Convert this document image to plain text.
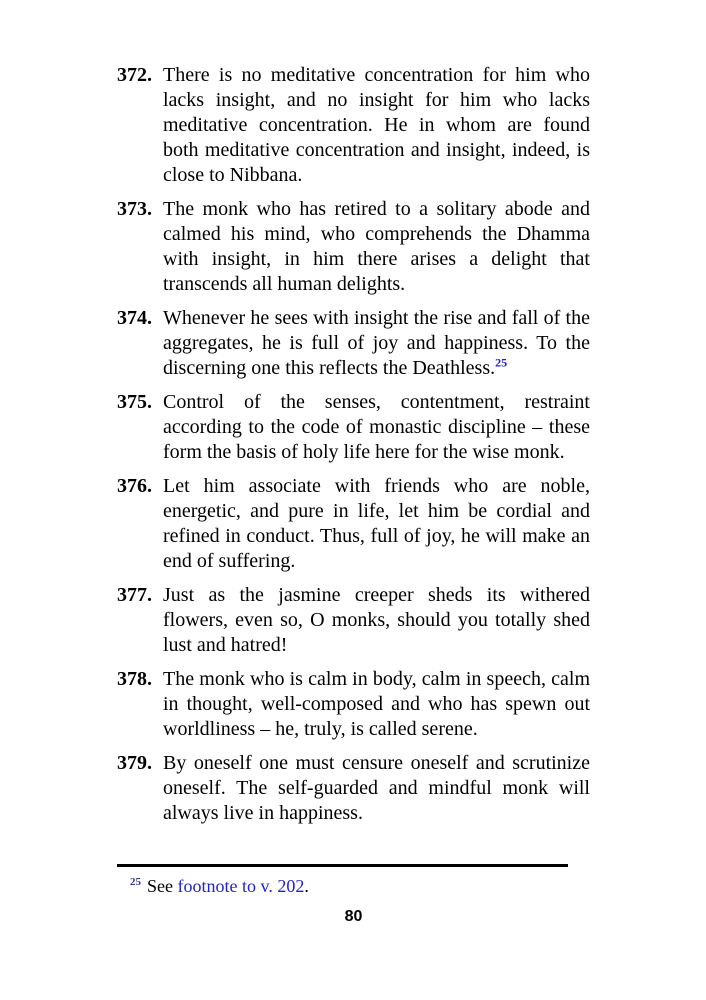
372. There is no meditative concentration for him who lacks insight, and no insight for him who lacks meditative concentration. He in whom are found both meditative concentration and insight, indeed, is close to Nibbana.

373. The monk who has retired to a solitary abode and calmed his mind, who comprehends the Dhamma with insight, in him there arises a delight that transcends all human delights.

374. Whenever he sees with insight the rise and fall of the aggregates, he is full of joy and happiness. To the discerning one this reflects the Deathless.$^{25}$

375. Control of the senses, contentment, restraint according to the code of monastic discipline – these form the basis of holy life here for the wise monk.

376. Let him associate with friends who are noble, energetic, and pure in life, let him be cordial and refined in conduct. Thus, full of joy, he will make an end of suffering.

377. Just as the jasmine creeper sheds its withered flowers, even so, O monks, should you totally shed lust and hatred!

378. The monk who is calm in body, calm in speech, calm in thought, well-composed and who has spewn out worldliness – he, truly, is called serene.

379. By oneself one must censure oneself and scrutinize oneself. The self-guarded and mindful monk will always live in happiness.

$^{25}$ See footnote to v. 202.

80
